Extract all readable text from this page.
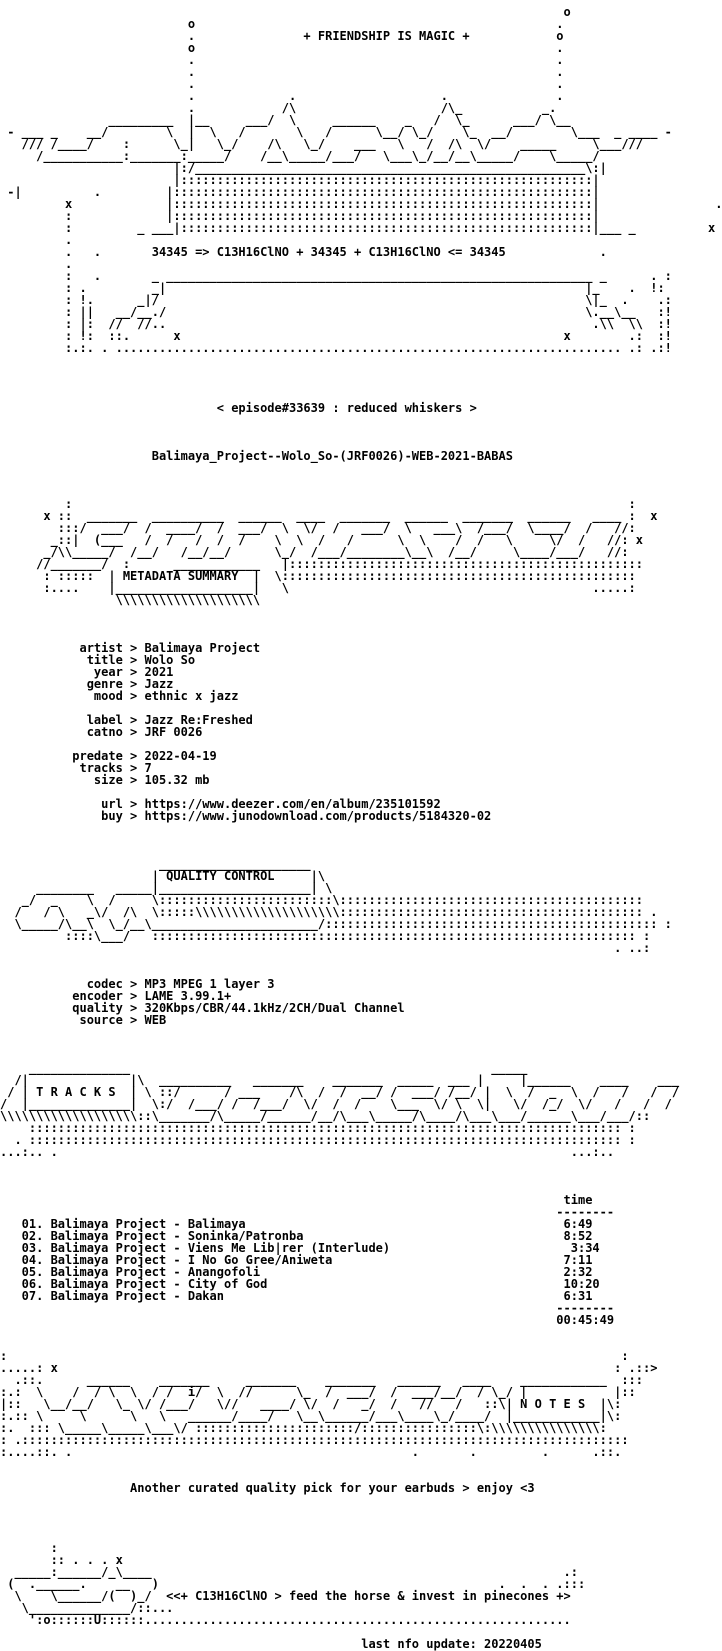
o
o                                                  .
.               + FRIENDSHIP IS MAGIC +            o
o                                                  .
.                                                  .
.                                                  .
.                                                  .
.             .                    .               .
.            /\                    /\_           _.
_________  |__     ___/  \     ______    _   /  \_      ___/ \__
- ___ _    __/        \  |  \   /       \   /      \__/ \_/    \_  __/        \___  _ ____ -
/// /____/    :      \_|   \_/    /\   \_/    ___   \   /  /\  \/    _____     \___///
/___________:_______:_____/    /__\_____/___/   \___\_/__/__\_____/    \_____/
|:/______________________________________________________\:|
|:::::::::::::::::::::::::::::::::::::::::::::::::::::::::|
-|          .         |::::::::::::::::::::::::::::::::::::::::::::::::::::::::::|
x             |::::::::::::::::::::::::::::::::::::::::::::::::::::::::::|                .
:             |::::::::::::::::::::::::::::::::::::::::::::::::::::::::::|
:         _ ___|:::::::::::::::::::::::::::::::::::::::::::::::::::::::::|___ _          x
.
.   .       34345 => C13H16ClNO + 34345 + C13H16ClNO <= 34345             .
.
:   .       _ ___________________________________________________________ _      . :
: .         _|                                                          |_    .  !:
: !.      _|/                                                           \|_  .    .:
: ||   __/__./                                                          \.__\__   :!
: |:  //  //..                                                           .\\  \\  :!
: !:  ::.      x                                                     x        .:  :!
:.:. . ...................................................................... .: .:!
< episode#33639 : reduced whiskers >
Balimaya_Project--Wolo_So-(JRF0026)-WEB-2021-BABAS
:                                                                             :
x ::  _______  __________  ______  ____  _______  ______  _______  ______   ____ :  x
:::/  ___/  /  ____/  /  ___/  \  \/  /   ___/  \   ___\  /___/  \____/  /   //:
_::|  (___   /  /   /  /  /    \  \  /   /      \  \    /  /   \     \/  /   //: x
_/\\_____/  /__/   /__/__/      \_/  /___/________\__\  /__/     \____/___/   //:
//_______/  :      ____________   |:::::::::::::::::::::::::::::::::::::::::::::::::
: :::::  | METADATA SUMMARY  |  \:::::::::::::::::::::::::::::::::::::::::::::::::
:....    |___________________|   \                                          .....:
\\\\\\\\\\\\\\\\\\\\
artist > Balimaya Project
title > Wolo So
year > 2021
genre > Jazz
mood > ethnic x jazz
label > Jazz Re:Freshed
catno > JRF 0026
predate > 2022-04-19
tracks > 7
size > 105.32 mb
url > https://www.deezer.com/en/album/235101592
buy > https://www.junodownload.com/products/5184320-02
_____________________
| QUALITY CONTROL     |\
________   _____|_____________________| \
_/  _    \  /     \::::::::::::::::::::::::\::::::::::::::::::::::::::::::::::::::::::
/   / \   _\/  /\  \:::::\\\\\\\\\\\\\\\\\\\\:::::::::::::::::::::::::::::::::::::::::: .
\_____/\__\  \_/__\_______________________/:::::::::::::::::::::::::::::::::::::::::::::: :
::::\___/   ::::::::::::::::::::::::::::::::::::::::::::::::::::::::::::::::::: :
. ..:
codec > MP3 MPEG 1 layer 3
encoder > LAME 3.99.1+
quality > 320Kbps/CBR/44.1kHz/2CH/Dual Channel
source > WEB
______________                                                  _____
/|              |\  __________   _______    _______  _____  ___ |     |______    ____    ___
/ | T R A C K S  | \ ::/      / ___    /\  /  /  __/ /  ___/ /__/ |  \  /  _  \  /   /   /  /
/  |______________|  \:/  /___/ /  /___/  \/  /  /    \___  \/ \  \|   \/  /_/  \/   /   /  /
\\\\\\\\\\\\\\\\\\\::\_______/\_____/______/__/\___\_____/\____/\___\___/______\___/___/::
:::::::::::::::::::::::::::::::::::::::::::::::::::::::::::::::::::::::::::::::::: :
. :::::::::::::::::::::::::::::::::::::::::::::::::::::::::::::::::::::::::::::::::: :
...:.. .                                                                       ...:..
time
--------
01. Balimaya Project - Balimaya                                            6:49
02. Balimaya Project - Soninka/Patronba                                    8:52
03. Balimaya Project - Viens Me Lib|rer (Interlude)                         3:34
04. Balimaya Project - I No Go Gree/Aniweta                                7:11
05. Balimaya Project - Anangofoli                                          2:32
06. Balimaya Project - City of God                                         10:20
07. Balimaya Project - Dakan                                               6:31
--------
00:45:49
:                                                                                     :
.....: x                                                                             : .::>
.::.      ______    _______     _______    _______   ______   ____    ____________  :::
:.:  \    /  / \  \  / /  i/  \  //      \_  /  ___/  /  ___/__/  / \_/ |            |::
|::   \__/__/   \_ \/ /___/   \//   ____/ \/  /   _/  /   //   /   ::\| N O T E S  |\:
:.:: \     \      \   \   ______/____/   \__\______/___\____\_/____/  |____________|\:
:.  ::: \_____\_____\___\/ ::::::::::::::::::::::/::::::::::::::::\:\\\\\\\\\\\\\\\:
: .::::::::::::::::::::::::::::::::::::::::::::::::::::::::::::::::::::::::::::::::::::
:....::. .                                               .       .         .      .::.
Another curated quality pick for your earbuds > enjoy <3
:
:: . . . x
_____:______/_\____                                                         .:
(  .______.    __   )                                               .  .  . .:::
\    \______/(  )_/  <<+ C13H16ClNO > feed the horse & invest in pinecones +>
\______________/::...
':o::::::U::::::...........................................................
last nfo update: 20220405
